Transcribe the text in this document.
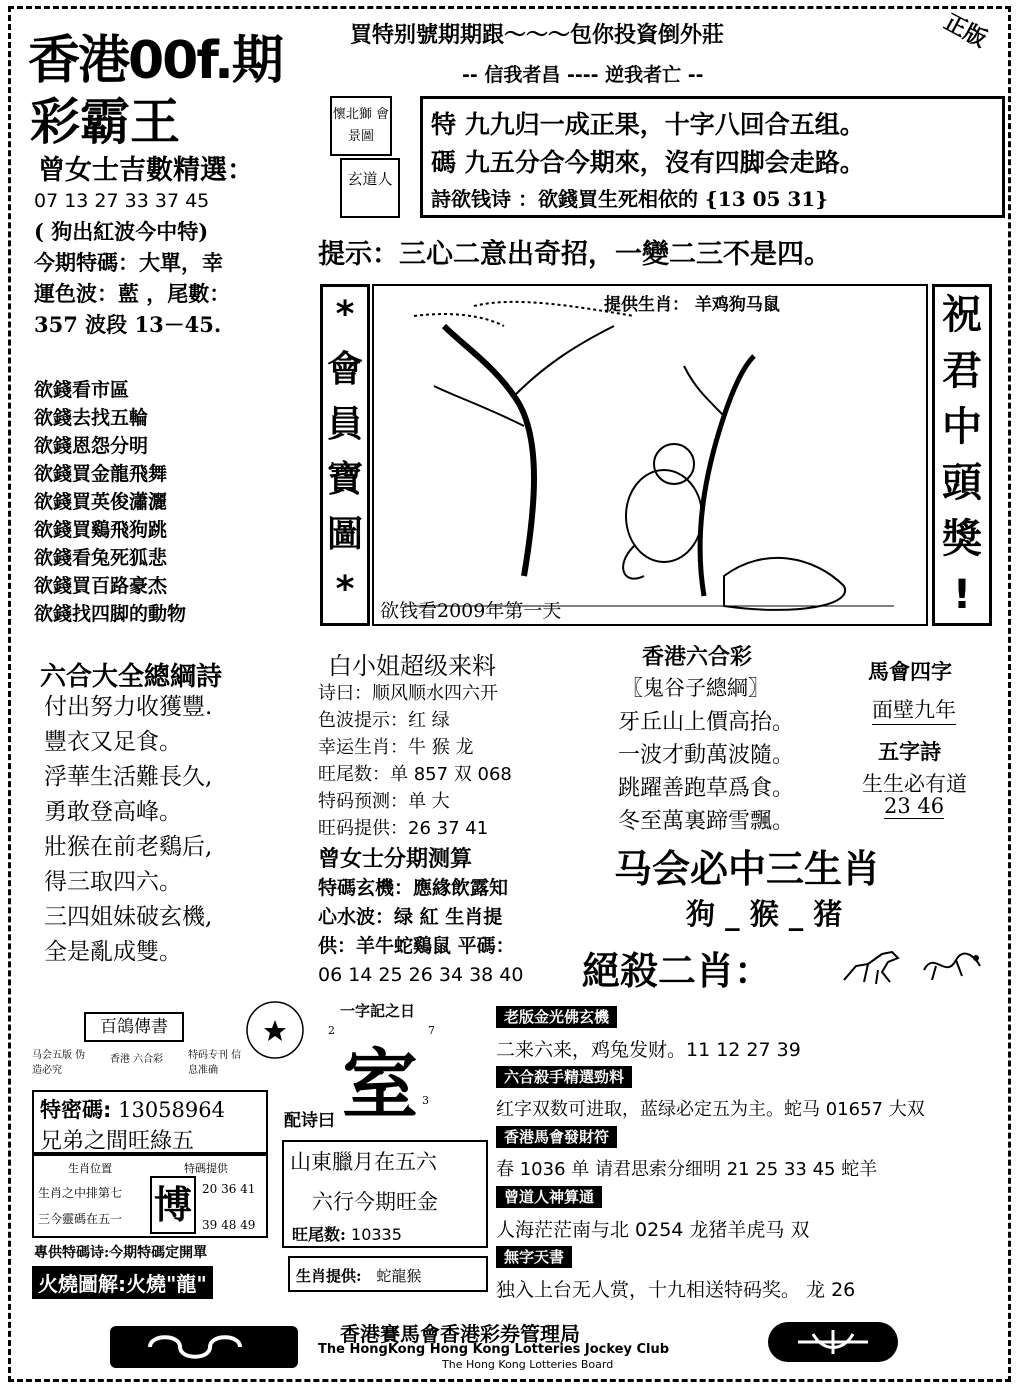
香港00f.期
彩霸王
買特别號期期跟～～～包你投資倒外莊	正版
-- 信我者昌 ---- 逆我者亡 --
曾女士吉數精選：
07 13 27 33 37 45
( 狗出紅波今中特)
今期特碼：大單，幸
運色波：藍 ，尾數：
357 波段 13－45.
欲錢看市區
欲錢去找五輪
欲錢恩怨分明
欲錢買金龍飛舞
欲錢買英俊瀟灑
欲錢買鷄飛狗跳
欲錢看兔死狐悲
欲錢買百路豪杰
欲錢找四脚的動物
懷北獅 會景圖
玄道人
特 九九归一成正果，十字八回合五组。
碼 九五分合今期來，沒有四脚会走路。
詩欲钱诗 ：欲錢買生死相依的 {13 05 31}
提示：三心二意出奇招，一變二三不是四。
*
會
員
寶
圖
*
提供生肖： 羊鸡狗马鼠
欲钱看2009年第一天
祝
君
中
頭
獎
!
六合大全總綱詩
付出努力收獲豐.
豐衣又足食。
浮華生活難長久,
勇敢登高峰。
壯猴在前老鷄后,
得三取四六。
三四姐妹破玄機,
全是亂成雙。
白小姐超级来料
诗曰：顺风顺水四六开
色波提示：红 绿
幸运生肖：牛 猴 龙
旺尾数：单 857 双 068
特码预测：单 大
旺码提供：26 37 41
曾女士分期测算
特碼玄機：應緣飲露知
心水波：绿 紅 生肖提
供：羊牛蛇鷄鼠 平碼：
06 14 25 26 34 38 40
香港六合彩
〖鬼谷子總綱〗
牙丘山上價高抬。
一波才動萬波隨。
跳躍善跑草爲食。
冬至萬裏蹄雪飄。
馬會四字
面壁九年
五字詩
生生必有道
23 46
马会必中三生肖
狗 _ 猴 _ 猪
絕殺二肖：
百鴿傳書
马会五版 伪造必究
香港 六合彩 特码专刊 信息准确
特密碼: 13058964
兄弟之間旺綠五
生肖位置	特碼提供
生肖之中排第七
三今靈碼在五一 博 20 36 41
39 48 49
專供特碼诗:今期特碼定開單
火燒圖解:火燒"龍"
一字記之日
2	7
3
室
配诗曰
山東臘月在五六
六行今期旺金
旺尾数: 10335
生肖提供: 蛇龍猴
老版金光佛玄機
二来六来，鸡兔发财。11 12 27 39
六合殺手精選勁料
红字双数可进取，蓝绿必定五为主。蛇马 01657 大双
香港馬會發財符
春 1036 单 请君思索分细明 21 25 33 45 蛇羊
曾道人神算通
人海茫茫南与北 0254 龙猪羊虎马 双
無字天書
独入上台无人赏，十九相送特码奖。 龙 26
香港賽馬會香港彩券管理局
The HongKong Hong Kong Lotteries Jockey Club
The Hong Kong Lotteries Board
